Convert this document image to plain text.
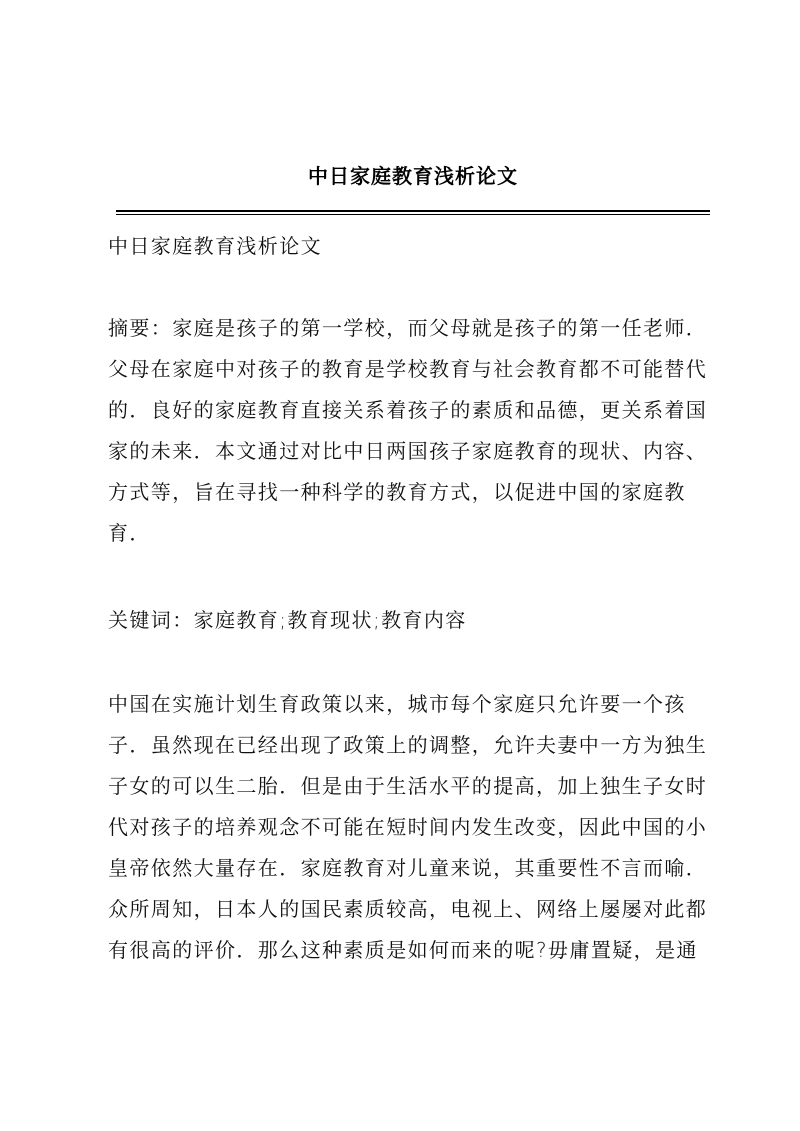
中日家庭教育浅析论文
中日家庭教育浅析论文
摘要：家庭是孩子的第一学校，而父母就是孩子的第一任老师．
父母在家庭中对孩子的教育是学校教育与社会教育都不可能替代
的．良好的家庭教育直接关系着孩子的素质和品德，更关系着国
家的未来．本文通过对比中日两国孩子家庭教育的现状、内容、
方式等，旨在寻找一种科学的教育方式，以促进中国的家庭教
育．
关键词：家庭教育;教育现状;教育内容
中国在实施计划生育政策以来，城市每个家庭只允许要一个孩
子．虽然现在已经出现了政策上的调整，允许夫妻中一方为独生
子女的可以生二胎．但是由于生活水平的提高，加上独生子女时
代对孩子的培养观念不可能在短时间内发生改变，因此中国的小
皇帝依然大量存在．家庭教育对儿童来说，其重要性不言而喻．
众所周知，日本人的国民素质较高，电视上、网络上屡屡对此都
有很高的评价．那么这种素质是如何而来的呢?毋庸置疑，是通
